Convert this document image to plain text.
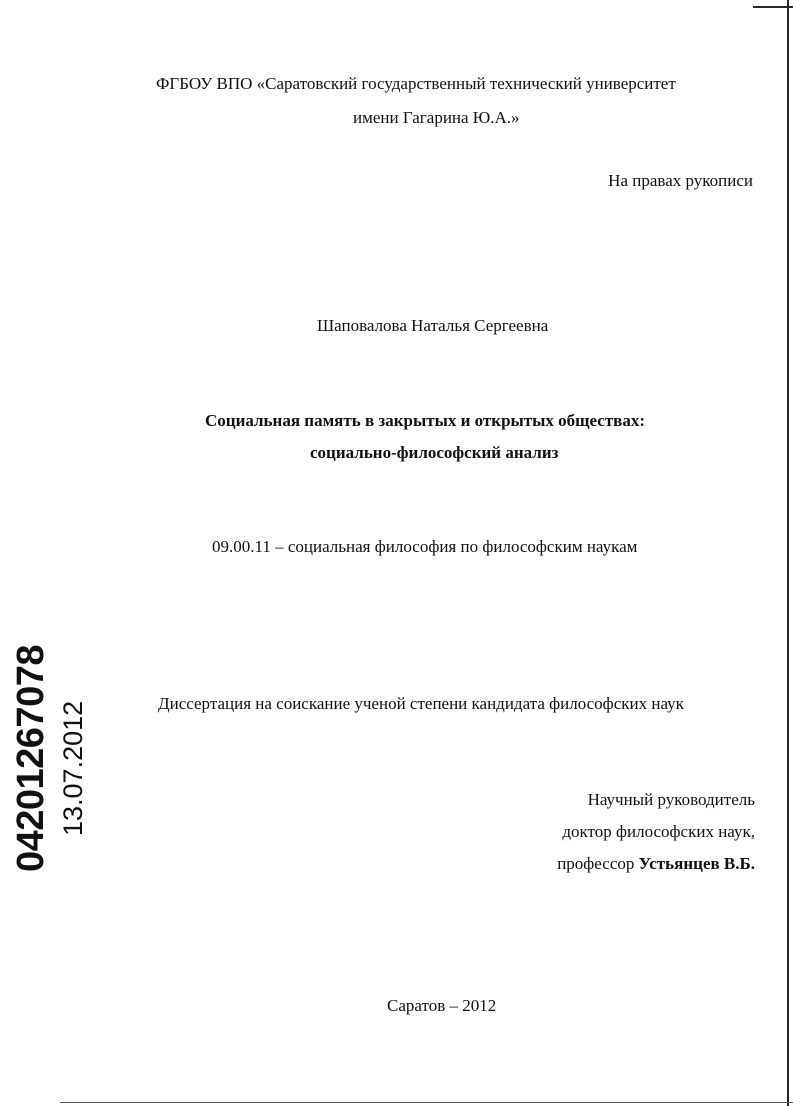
ФГБОУ ВПО «Саратовский государственный технический университет
имени Гагарина Ю.А.»
На правах рукописи
Шаповалова Наталья Сергеевна
Социальная память в закрытых и открытых обществах:
социально-философский анализ
09.00.11 – социальная философия по философским наукам
Диссертация на соискание ученой степени кандидата философских наук
Научный руководитель
доктор философских наук,
профессор Устьянцев В.Б.
Саратов – 2012
04201267078 13.07.2012
